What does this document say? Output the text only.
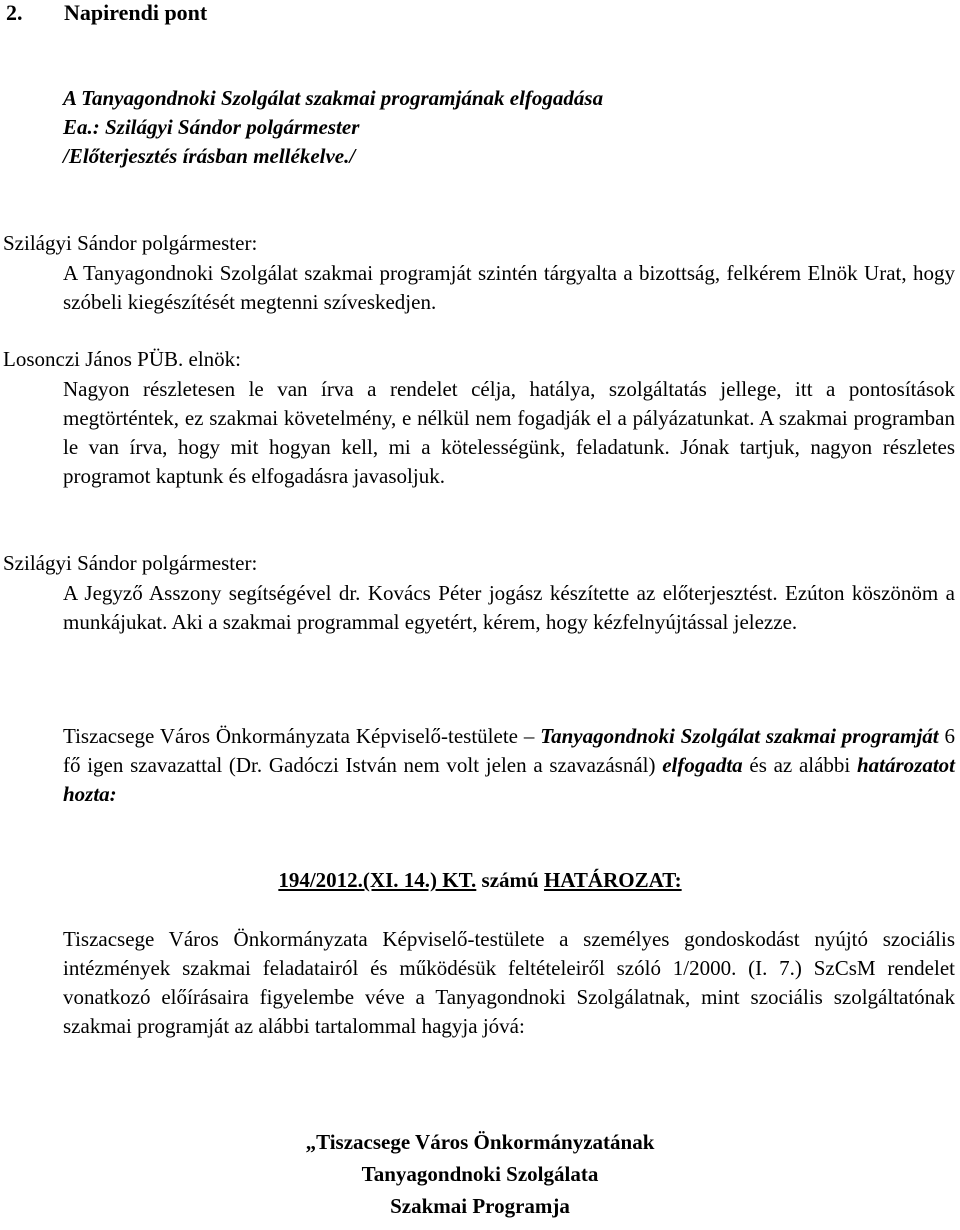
2. Napirendi pont

A Tanyagondnoki Szolgálat szakmai programjának elfogadása
Ea.: Szilágyi Sándor polgármester
/Előterjesztés írásban mellékelve./

Szilágyi Sándor polgármester:

A Tanyagondnoki Szolgálat szakmai programját szintén tárgyalta a bizottság, felkérem Elnök Urat, hogy szóbeli kiegészítését megtenni szíveskedjen.

Losonczi János PÜB. elnök:

Nagyon részletesen le van írva a rendelet célja, hatálya, szolgáltatás jellege, itt a pontosítások megtörténtek, ez szakmai követelmény, e nélkül nem fogadják el a pályázatunkat. A szakmai programban le van írva, hogy mit hogyan kell, mi a kötelességünk, feladatunk. Jónak tartjuk, nagyon részletes programot kaptunk és elfogadásra javasoljuk.

Szilágyi Sándor polgármester:

A Jegyző Asszony segítségével dr. Kovács Péter jogász készítette az előterjesztést. Ezúton köszönöm a munkájukat. Aki a szakmai programmal egyetért, kérem, hogy kézfelnyújtással jelezze.

Tiszacsege Város Önkormányzata Képviselő-testülete – Tanyagondnoki Szolgálat szakmai programját 6 fő igen szavazattal (Dr. Gadóczi István nem volt jelen a szavazásnál) elfogadta és az alábbi határozatot hozta:

194/2012.(XI. 14.) KT. számú HATÁROZAT:

Tiszacsege Város Önkormányzata Képviselő-testülete a személyes gondoskodást nyújtó szociális intézmények szakmai feladatairól és működésük feltételeiről szóló 1/2000. (I. 7.) SzCsM rendelet vonatkozó előírásaira figyelembe véve a Tanyagondnoki Szolgálatnak, mint szociális szolgáltatónak szakmai programját az alábbi tartalommal hagyja jóvá:

„Tiszacsege Város Önkormányzatának
Tanyagondnoki Szolgálata
Szakmai Programja
